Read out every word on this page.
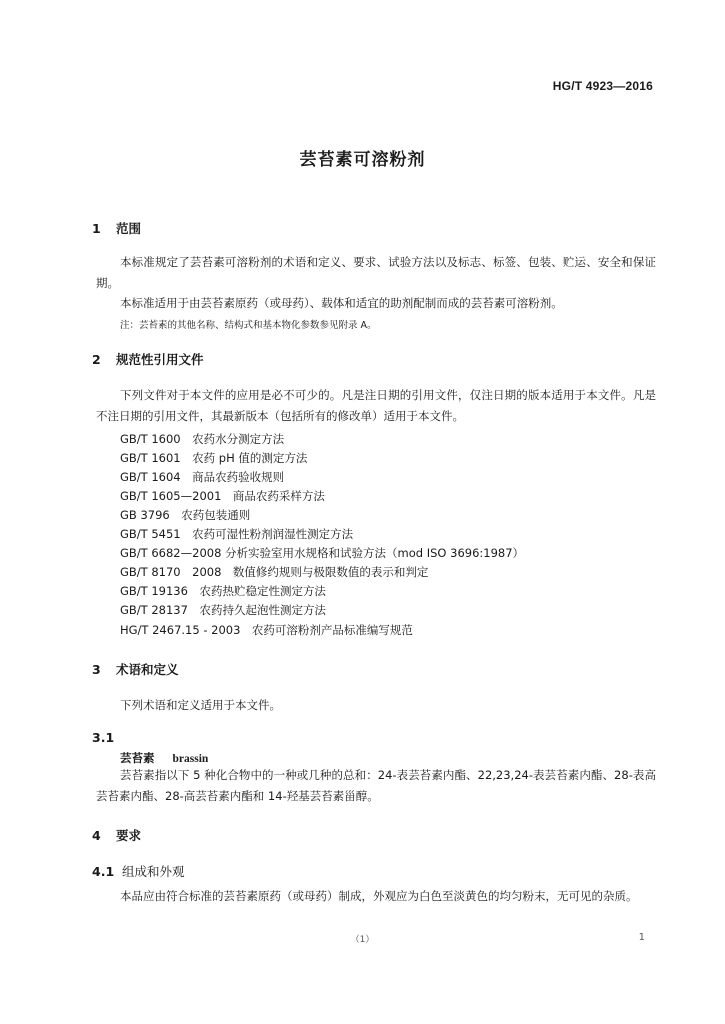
HG/T 4923—2016
芸苔素可溶粉剂
1 范围
本标准规定了芸苔素可溶粉剂的术语和定义、要求、试验方法以及标志、标签、包装、贮运、安全和保证期。
本标准适用于由芸苔素原药（或母药）、载体和适宜的助剂配制而成的芸苔素可溶粉剂。
注：芸苔素的其他名称、结构式和基本物化参数参见附录 A。
2 规范性引用文件
下列文件对于本文件的应用是必不可少的。凡是注日期的引用文件，仅注日期的版本适用于本文件。凡是不注日期的引用文件，其最新版本（包括所有的修改单）适用于本文件。
GB/T 1600　农药水分测定方法
GB/T 1601　农药 pH 值的测定方法
GB/T 1604　商品农药验收规则
GB/T 1605—2001　商品农药采样方法
GB 3796　农药包装通则
GB/T 5451　农药可湿性粉剂润湿性测定方法
GB/T 6682—2008 分析实验室用水规格和试验方法（mod ISO 3696:1987）
GB/T 8170　2008　数值修约规则与极限数值的表示和判定
GB/T 19136　农药热贮稳定性测定方法
GB/T 28137　农药持久起泡性测定方法
HG/T 2467.15 - 2003　农药可溶粉剂产品标准编写规范
3 术语和定义
下列术语和定义适用于本文件。
3.1
芸苔素 brassin
芸苔素指以下 5 种化合物中的一种或几种的总和：24-表芸苔素内酯、22,23,24-表芸苔素内酯、28-表高芸苔素内酯、28-高芸苔素内酯和 14-羟基芸苔素甾醇。
4 要求
4.1 组成和外观
本品应由符合标准的芸苔素原药（或母药）制成，外观应为白色至淡黄色的均匀粉末，无可见的杂质。
（1）	1
